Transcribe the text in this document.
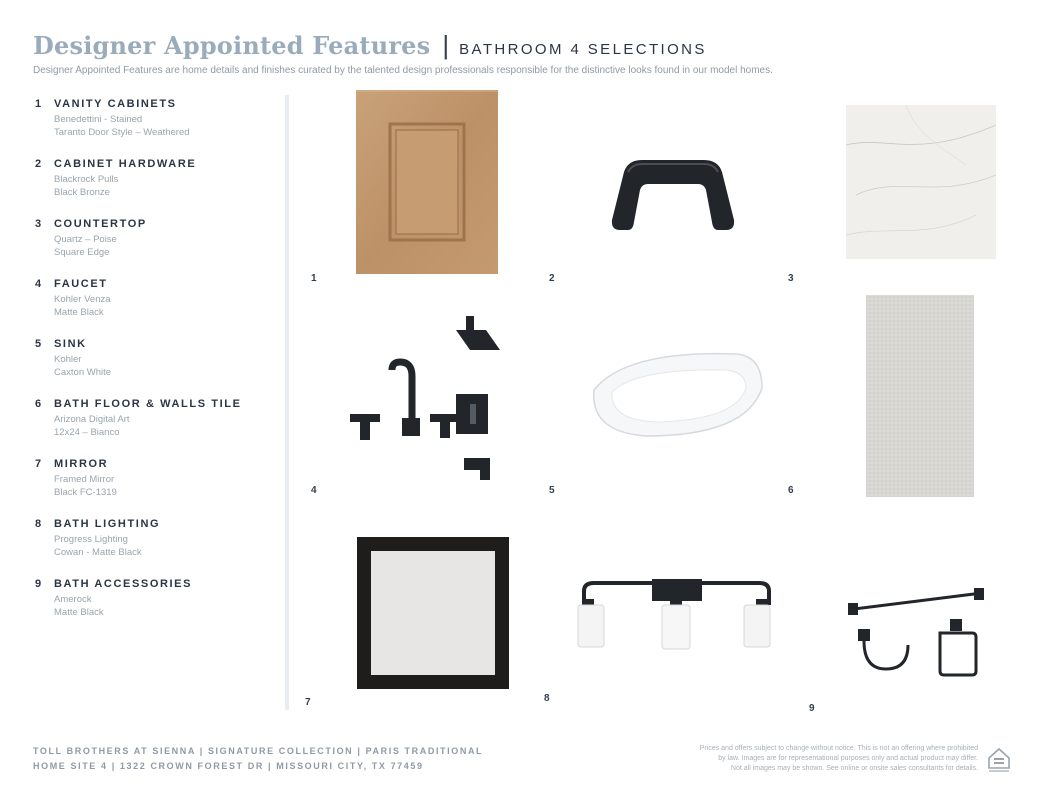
Designer Appointed Features | BATHROOM 4 SELECTIONS
Designer Appointed Features are home details and finishes curated by the talented design professionals responsible for the distinctive looks found in our model homes.
1 VANITY CABINETS
Benedettini - Stained
Taranto Door Style – Weathered
2 CABINET HARDWARE
Blackrock Pulls
Black Bronze
3 COUNTERTOP
Quartz – Poise
Square Edge
4 FAUCET
Kohler Venza
Matte Black
5 SINK
Kohler
Caxton White
6 BATH FLOOR & WALLS TILE
Arizona Digital Art
12x24 – Bianco
7 MIRROR
Framed Mirror
Black FC-1319
8 BATH LIGHTING
Progress Lighting
Cowan - Matte Black
9 BATH ACCESSORIES
Amerock
Matte Black
1	2	3
4	5	6
7	8
9
TOLL BROTHERS AT SIENNA | SIGNATURE COLLECTION | PARIS TRADITIONAL
HOME SITE 4 | 1322 CROWN FOREST DR | MISSOURI CITY, TX 77459
Prices and offers subject to change without notice. This is not an offering where prohibited
by law. Images are for representational purposes only and actual product may differ.
Not all images may be shown. See online or onsite sales consultants for details.
